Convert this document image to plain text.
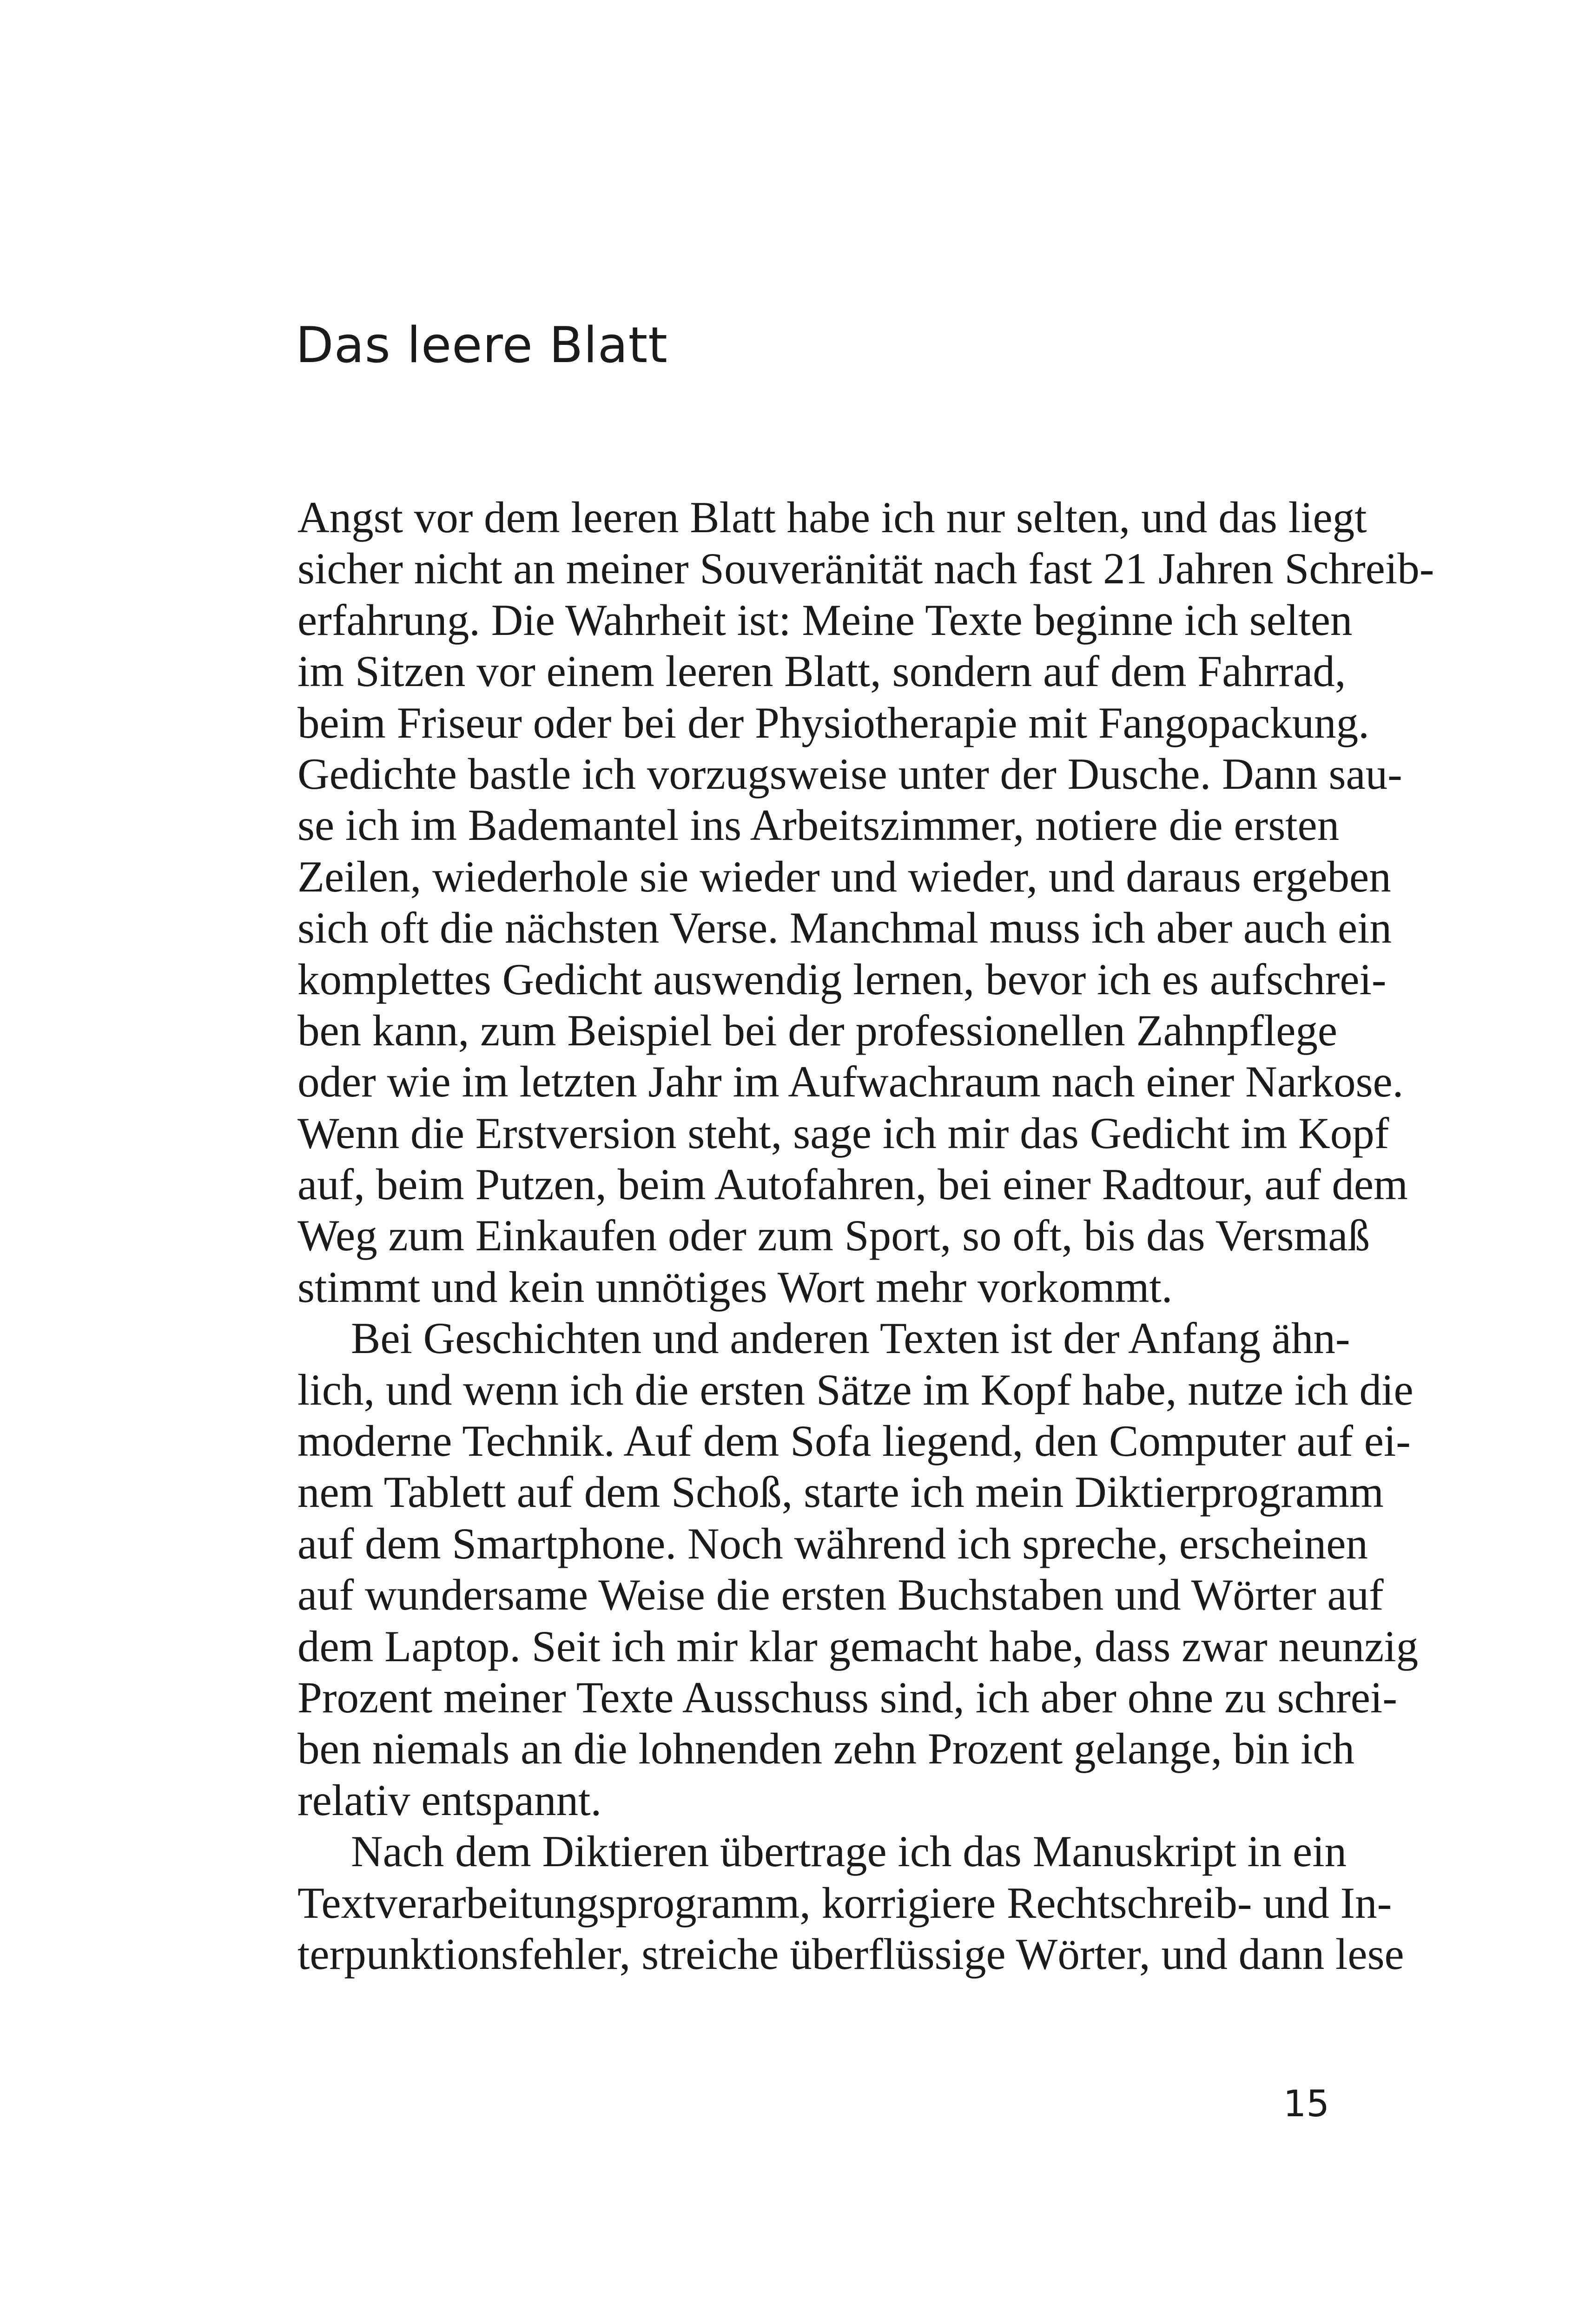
Das leere Blatt
Angst vor dem leeren Blatt habe ich nur selten, und das liegt
sicher nicht an meiner Souveränität nach fast 21 Jahren Schreib-
erfahrung. Die Wahrheit ist: Meine Texte beginne ich selten
im Sitzen vor einem leeren Blatt, sondern auf dem Fahrrad,
beim Friseur oder bei der Physiotherapie mit Fangopackung.
Gedichte bastle ich vorzugsweise unter der Dusche. Dann sau-
se ich im Bademantel ins Arbeitszimmer, notiere die ersten
Zeilen, wiederhole sie wieder und wieder, und daraus ergeben
sich oft die nächsten Verse. Manchmal muss ich aber auch ein
komplettes Gedicht auswendig lernen, bevor ich es aufschrei-
ben kann, zum Beispiel bei der professionellen Zahnpflege
oder wie im letzten Jahr im Aufwachraum nach einer Narkose.
Wenn die Erstversion steht, sage ich mir das Gedicht im Kopf
auf, beim Putzen, beim Autofahren, bei einer Radtour, auf dem
Weg zum Einkaufen oder zum Sport, so oft, bis das Versmaß
stimmt und kein unnötiges Wort mehr vorkommt.
Bei Geschichten und anderen Texten ist der Anfang ähn-
lich, und wenn ich die ersten Sätze im Kopf habe, nutze ich die
moderne Technik. Auf dem Sofa liegend, den Computer auf ei-
nem Tablett auf dem Schoß, starte ich mein Diktierprogramm
auf dem Smartphone. Noch während ich spreche, erscheinen
auf wundersame Weise die ersten Buchstaben und Wörter auf
dem Laptop. Seit ich mir klar gemacht habe, dass zwar neunzig
Prozent meiner Texte Ausschuss sind, ich aber ohne zu schrei-
ben niemals an die lohnenden zehn Prozent gelange, bin ich
relativ entspannt.
Nach dem Diktieren übertrage ich das Manuskript in ein
Textverarbeitungsprogramm, korrigiere Rechtschreib- und In-
terpunktionsfehler, streiche überflüssige Wörter, und dann lese
15
